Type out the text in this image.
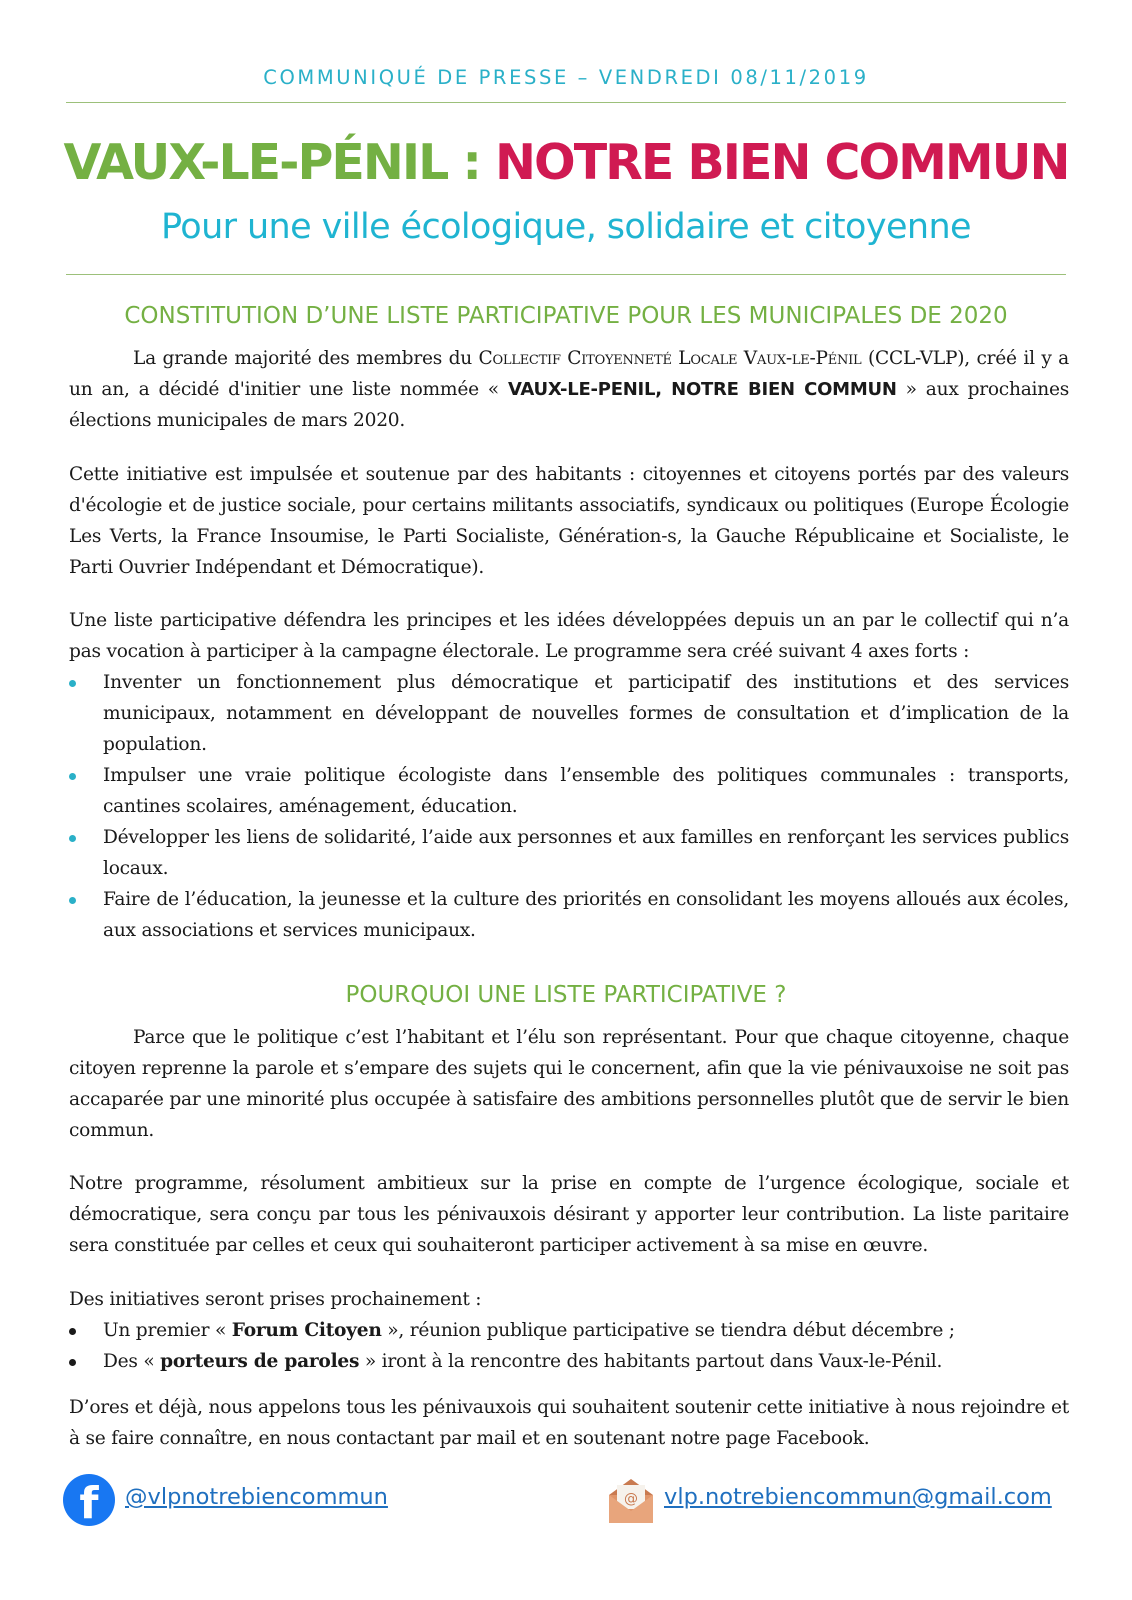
COMMUNIQUÉ DE PRESSE – VENDREDI 08/11/2019
VAUX-LE-PÉNIL : NOTRE BIEN COMMUN
Pour une ville écologique, solidaire et citoyenne
CONSTITUTION D’UNE LISTE PARTICIPATIVE POUR LES MUNICIPALES DE 2020
La grande majorité des membres du Collectif Citoyenneté Locale Vaux-le-Pénil (CCL-VLP), créé il y a un an, a décidé d'initier une liste nommée « VAUX-LE-PENIL, NOTRE BIEN COMMUN » aux prochaines élections municipales de mars 2020.
Cette initiative est impulsée et soutenue par des habitants : citoyennes et citoyens portés par des valeurs d'écologie et de justice sociale, pour certains militants associatifs, syndicaux ou politiques (Europe Écologie Les Verts, la France Insoumise, le Parti Socialiste, Génération-s, la Gauche Républicaine et Socialiste, le Parti Ouvrier Indépendant et Démocratique).
Une liste participative défendra les principes et les idées développées depuis un an par le collectif qui n’a pas vocation à participer à la campagne électorale. Le programme sera créé suivant 4 axes forts :
Inventer un fonctionnement plus démocratique et participatif des institutions et des services municipaux, notamment en développant de nouvelles formes de consultation et d’implication de la population.
Impulser une vraie politique écologiste dans l’ensemble des politiques communales : transports, cantines scolaires, aménagement, éducation.
Développer les liens de solidarité, l’aide aux personnes et aux familles en renforçant les services publics locaux.
Faire de l’éducation, la jeunesse et la culture des priorités en consolidant les moyens alloués aux écoles, aux associations et services municipaux.
POURQUOI UNE LISTE PARTICIPATIVE ?
Parce que le politique c’est l’habitant et l’élu son représentant. Pour que chaque citoyenne, chaque citoyen reprenne la parole et s’empare des sujets qui le concernent, afin que la vie pénivauxoise ne soit pas accaparée par une minorité plus occupée à satisfaire des ambitions personnelles plutôt que de servir le bien commun.
Notre programme, résolument ambitieux sur la prise en compte de l’urgence écologique, sociale et démocratique, sera conçu par tous les pénivauxois désirant y apporter leur contribution. La liste paritaire sera constituée par celles et ceux qui souhaiteront participer activement à sa mise en œuvre.
Des initiatives seront prises prochainement :
Un premier « Forum Citoyen », réunion publique participative se tiendra début décembre ;
Des « porteurs de paroles » iront à la rencontre des habitants partout dans Vaux-le-Pénil.
D’ores et déjà, nous appelons tous les pénivauxois qui souhaitent soutenir cette initiative à nous rejoindre et à se faire connaître, en nous contactant par mail et en soutenant notre page Facebook.
f	@vlpnotrebiencommun	@ vlp.notrebiencommun@gmail.com
